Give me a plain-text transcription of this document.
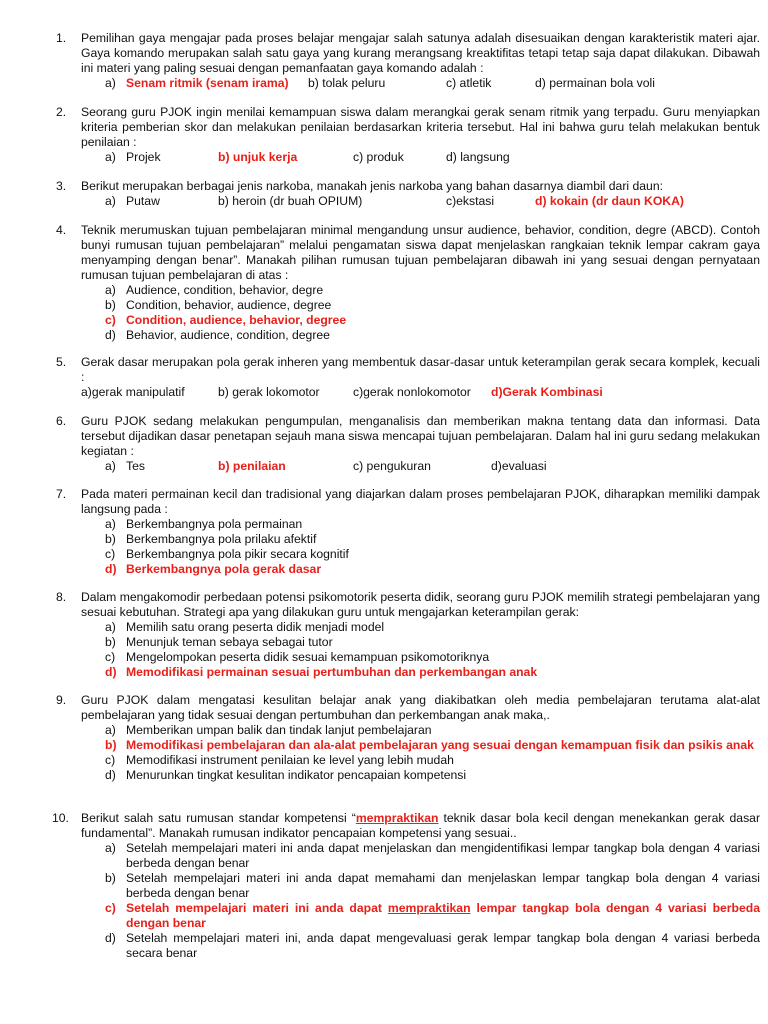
1. Pemilihan gaya mengajar pada proses belajar mengajar salah satunya adalah disesuaikan dengan karakteristik materi ajar. Gaya komando merupakan salah satu gaya yang kurang merangsang kreaktifitas tetapi tetap saja dapat dilakukan. Dibawah ini materi yang paling sesuai dengan pemanfaatan gaya komando adalah :
a) Senam ritmik (senam irama) b) tolak peluru	c) atletik	d) permainan bola voli
2. Seorang guru PJOK ingin menilai kemampuan siswa dalam merangkai gerak senam ritmik yang terpadu. Guru menyiapkan kriteria pemberian skor dan melakukan penilaian berdasarkan kriteria tersebut. Hal ini bahwa guru telah melakukan bentuk penilaian :
a) Projek	b) unjuk kerja	c) produk	d) langsung
3. Berikut merupakan berbagai jenis narkoba, manakah jenis narkoba yang bahan dasarnya diambil dari daun:
a) Putaw	b) heroin (dr buah OPIUM)	c)ekstasi	d) kokain (dr daun KOKA)
4. Teknik merumuskan tujuan pembelajaran minimal mengandung unsur audience, behavior, condition, degre (ABCD). Contoh bunyi rumusan tujuan pembelajaran” melalui pengamatan siswa dapat menjelaskan rangkaian teknik lempar cakram gaya menyamping dengan benar”. Manakah pilihan rumusan tujuan pembelajaran dibawah ini yang sesuai dengan pernyataan rumusan tujuan pembelajaran di atas :
a) Audience, condition, behavior, degre
b) Condition, behavior, audience, degree
c) Condition, audience, behavior, degree
d) Behavior, audience, condition, degree
5. Gerak dasar merupakan pola gerak inheren yang membentuk dasar-dasar untuk keterampilan gerak secara komplek, kecuali :
a)gerak manipulatif	b) gerak lokomotor	c)gerak nonlokomotor d)Gerak Kombinasi
6. Guru PJOK sedang melakukan pengumpulan, menganalisis dan memberikan makna tentang data dan informasi. Data tersebut dijadikan dasar penetapan sejauh mana siswa mencapai tujuan pembelajaran. Dalam hal ini guru sedang melakukan kegiatan :
a) Tes	b) penilaian	c) pengukuran	d)evaluasi
7. Pada materi permainan kecil dan tradisional yang diajarkan dalam proses pembelajaran PJOK, diharapkan memiliki dampak langsung pada :
a) Berkembangnya pola permainan
b) Berkembangnya pola prilaku afektif
c) Berkembangnya pola pikir secara kognitif
d) Berkembangnya pola gerak dasar
8. Dalam mengakomodir perbedaan potensi psikomotorik peserta didik, seorang guru PJOK memilih strategi pembelajaran yang sesuai kebutuhan. Strategi apa yang dilakukan guru untuk mengajarkan keterampilan gerak:
a) Memilih satu orang peserta didik menjadi model
b) Menunjuk teman sebaya sebagai tutor
c) Mengelompokan peserta didik sesuai kemampuan psikomotoriknya
d) Memodifikasi permainan sesuai pertumbuhan dan perkembangan anak
9. Guru PJOK dalam mengatasi kesulitan belajar anak yang diakibatkan oleh media pembelajaran terutama alat-alat pembelajaran yang tidak sesuai dengan pertumbuhan dan perkembangan anak maka,.
a) Memberikan umpan balik dan tindak lanjut pembelajaran
b) Memodifikasi pembelajaran dan ala-alat pembelajaran yang sesuai dengan kemampuan fisik dan psikis anak
c) Memodifikasi instrument penilaian ke level yang lebih mudah
d) Menurunkan tingkat kesulitan indikator pencapaian kompetensi
10. Berikut salah satu rumusan standar kompetensi “mempraktikan teknik dasar bola kecil dengan menekankan gerak dasar fundamental”. Manakah rumusan indikator pencapaian kompetensi yang sesuai..
a) Setelah mempelajari materi ini anda dapat menjelaskan dan mengidentifikasi lempar tangkap bola dengan 4 variasi berbeda dengan benar
b) Setelah mempelajari materi ini anda dapat memahami dan menjelaskan lempar tangkap bola dengan 4 variasi berbeda dengan benar
c) Setelah mempelajari materi ini anda dapat mempraktikan lempar tangkap bola dengan 4 variasi berbeda dengan benar
d) Setelah mempelajari materi ini, anda dapat mengevaluasi gerak lempar tangkap bola dengan 4 variasi berbeda secara benar
